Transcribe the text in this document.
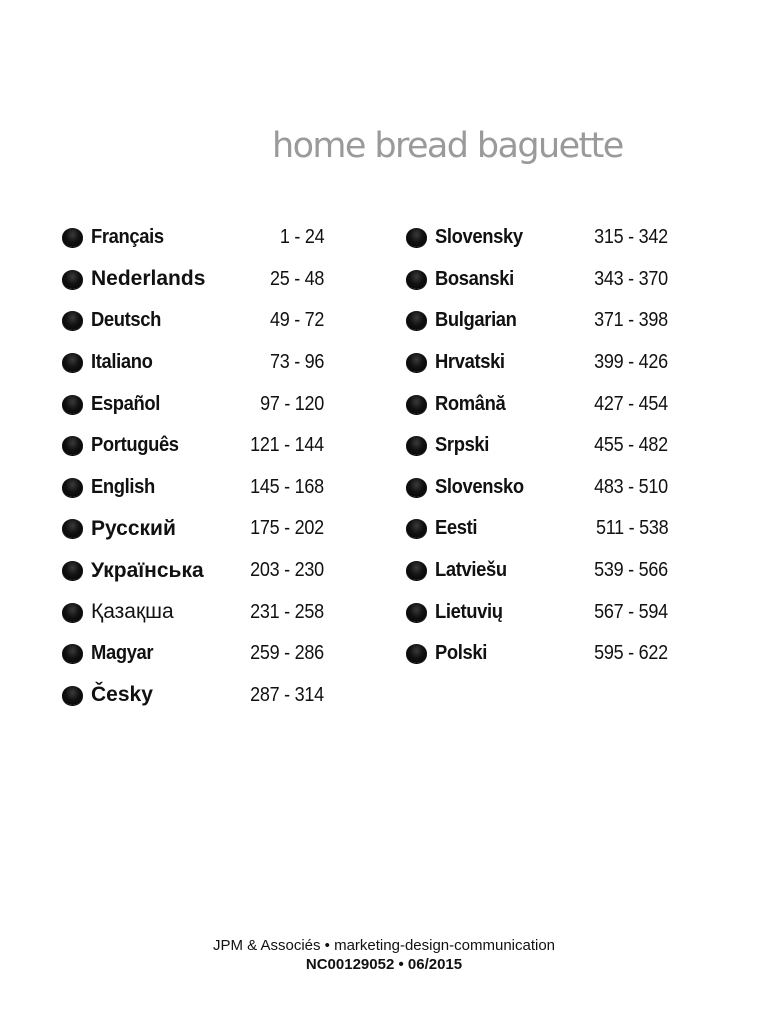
home bread baguette
Français	1 - 24
Nederlands	25 - 48
Deutsch	49 - 72
Italiano	73 - 96
Español	97 - 120
Português	121 - 144
English	145 - 168
Русский	175 - 202
Українська 203 - 230
Қазақша	231 - 258
Magyar	259 - 286
Česky	287 - 314
Slovensky	315 - 342
Bosanski	343 - 370
Bulgarian	371 - 398
Hrvatski	399 - 426
Română	427 - 454
Srpski	455 - 482
Slovensko	483 - 510
Eesti	511 - 538
Latviešu	539 - 566
Lietuvių	567 - 594
Polski	595 - 622
JPM & Associés • marketing-design-communication
NC00129052 • 06/2015
